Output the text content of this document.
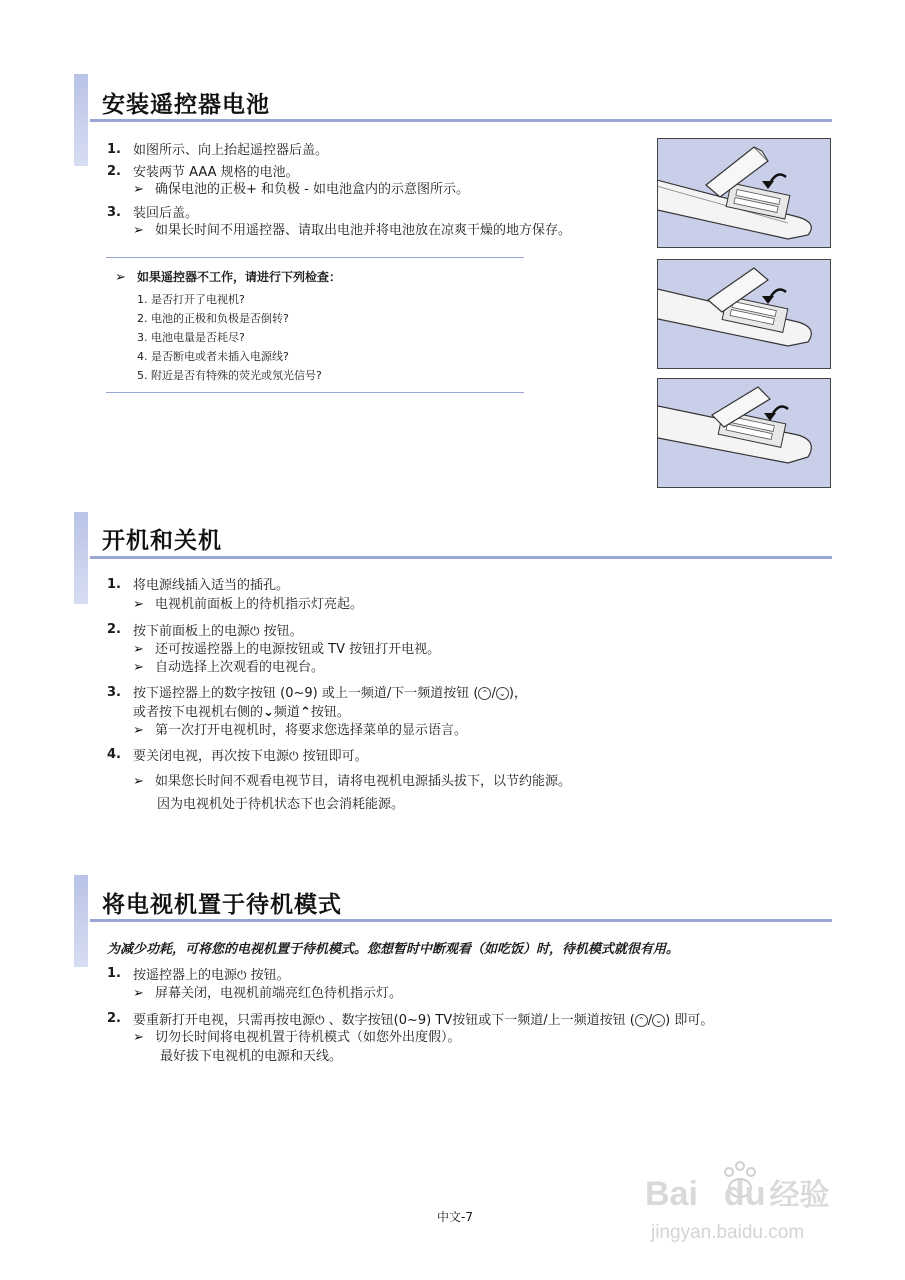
安装遥控器电池
1. 如图所示、向上抬起遥控器后盖。
2. 安装两节 AAA 规格的电池。
➢ 确保电池的正极+ 和负极 - 如电池盒内的示意图所示。
3. 装回后盖。
➢ 如果长时间不用遥控器、请取出电池并将电池放在凉爽干燥的地方保存。
➢ 如果遥控器不工作，请进行下列检查：
1. 是否打开了电视机?
2. 电池的正极和负极是否倒转?
3. 电池电量是否耗尽?
4. 是否断电或者未插入电源线?
5. 附近是否有特殊的荧光或氖光信号?
开机和关机
1. 将电源线插入适当的插孔。
➢ 电视机前面板上的待机指示灯亮起。
2. 按下前面板上的电源⏻ 按钮。
➢ 还可按遥控器上的电源按钮或 TV 按钮打开电视。
➢ 自动选择上次观看的电视台。
3. 按下遥控器上的数字按钮 (0~9) 或上一频道/下一频道按钮 ( ⌃ / ⌄ )，
或者按下电视机右侧的⌄频道⌃按钮。
➢ 第一次打开电视机时，将要求您选择菜单的显示语言。
4. 要关闭电视，再次按下电源⏻ 按钮即可。
➢ 如果您长时间不观看电视节目，请将电视机电源插头拔下，以节约能源。
因为电视机处于待机状态下也会消耗能源。
将电视机置于待机模式
为减少功耗，可将您的电视机置于待机模式。您想暂时中断观看（如吃饭）时，待机模式就很有用。
1. 按遥控器上的电源⏻ 按钮。
➢ 屏幕关闭，电视机前端亮红色待机指示灯。
2. 要重新打开电视，只需再按电源⏻ 、数字按钮(0~9) TV按钮或下一频道/上一频道按钮 ( ⌃ / ⌄ ) 即可。
➢ 切勿长时间将电视机置于待机模式（如您外出度假）。
最好拔下电视机的电源和天线。
中文-7
Bai du 经验
jingyan.baidu.com
